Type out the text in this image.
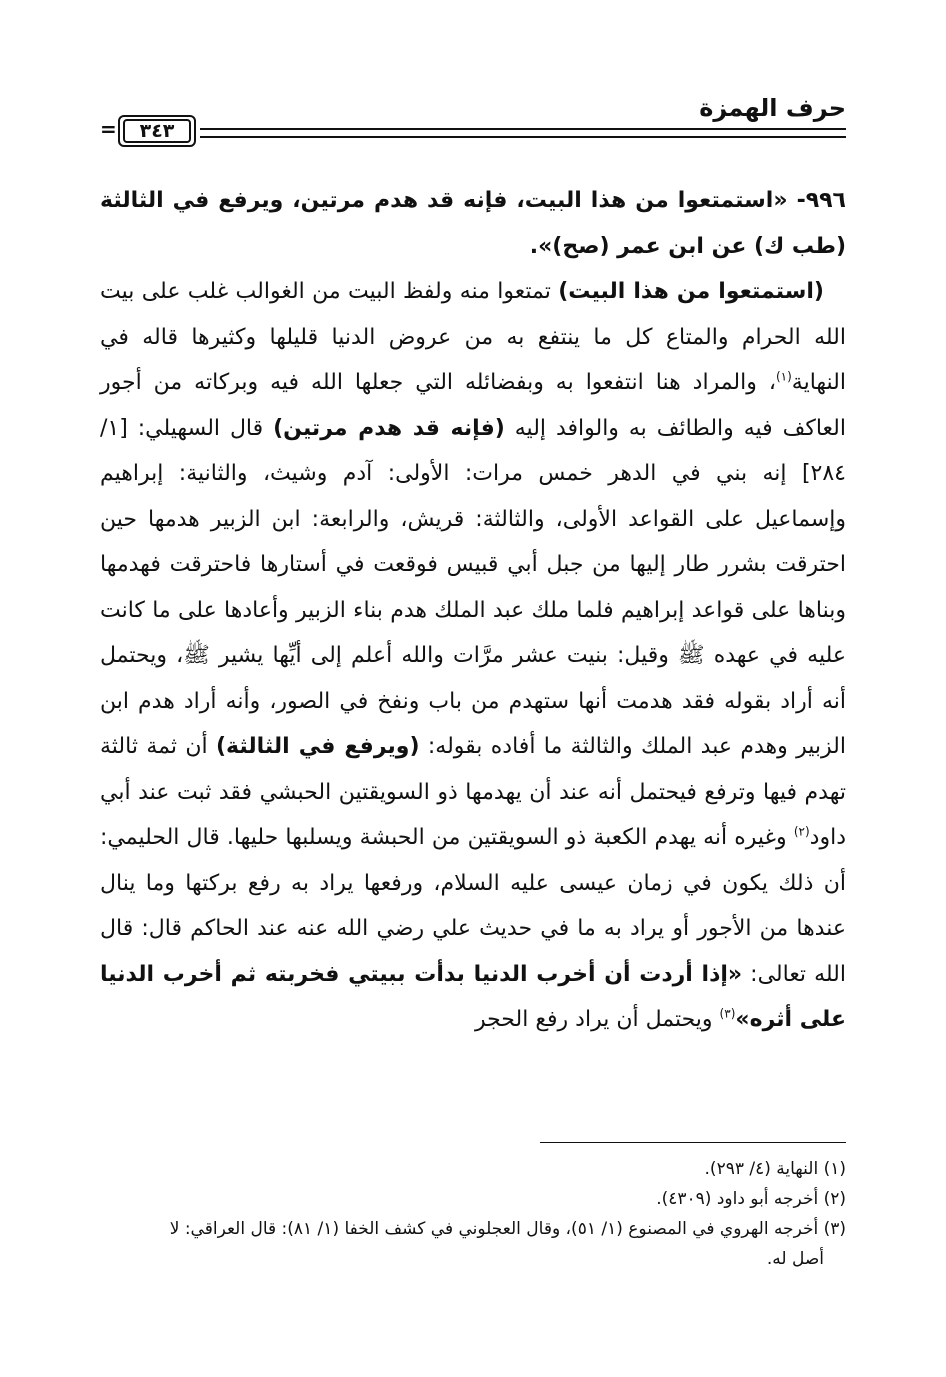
حرف الهمزة
٣٤٣
=

٩٩٦- «استمتعوا من هذا البيت، فإنه قد هدم مرتين، ويرفع في الثالثة (طب ك) عن ابن عمر (صح)».

(استمتعوا من هذا البيت) تمتعوا منه ولفظ البيت من الغوالب غلب على بيت الله الحرام والمتاع كل ما ينتفع به من عروض الدنيا قليلها وكثيرها قاله في النهاية$^{(١)}$، والمراد هنا انتفعوا به وبفضائله التي جعلها الله فيه وبركاته من أجور العاكف فيه والطائف به والوافد إليه (فإنه قد هدم مرتين) قال السهيلي: [١/ ٢٨٤] إنه بني في الدهر خمس مرات: الأولى: آدم وشيث، والثانية: إبراهيم وإسماعيل على القواعد الأولى، والثالثة: قريش، والرابعة: ابن الزبير هدمها حين احترقت بشرر طار إليها من جبل أبي قبيس فوقعت في أستارها فاحترقت فهدمها وبناها على قواعد إبراهيم فلما ملك عبد الملك هدم بناء الزبير وأعادها على ما كانت عليه في عهده ﷺ وقيل: بنيت عشر مرَّات والله أعلم إلى أيِّها يشير ﷺ، ويحتمل أنه أراد بقوله فقد هدمت أنها ستهدم من باب ونفخ في الصور، وأنه أراد هدم ابن الزبير وهدم عبد الملك والثالثة ما أفاده بقوله: (ويرفع في الثالثة) أن ثمة ثالثة تهدم فيها وترفع فيحتمل أنه عند أن يهدمها ذو السويقتين الحبشي فقد ثبت عند أبي داود$^{(٢)}$ وغيره أنه يهدم الكعبة ذو السويقتين من الحبشة ويسلبها حليها. قال الحليمي: أن ذلك يكون في زمان عيسى عليه السلام، ورفعها يراد به رفع بركتها وما ينال عندها من الأجور أو يراد به ما في حديث علي رضي الله عنه عند الحاكم قال: قال الله تعالى: «إذا أردت أن أخرب الدنيا بدأت ببيتي فخربته ثم أخرب الدنيا على أثره»$^{(٣)}$ ويحتمل أن يراد رفع الحجر

(١) النهاية (٤/ ٢٩٣).
(٢) أخرجه أبو داود (٤٣٠٩).
(٣) أخرجه الهروي في المصنوع (١/ ٥١)، وقال العجلوني في كشف الخفا (١/ ٨١): قال العراقي: لا
أصل له.
